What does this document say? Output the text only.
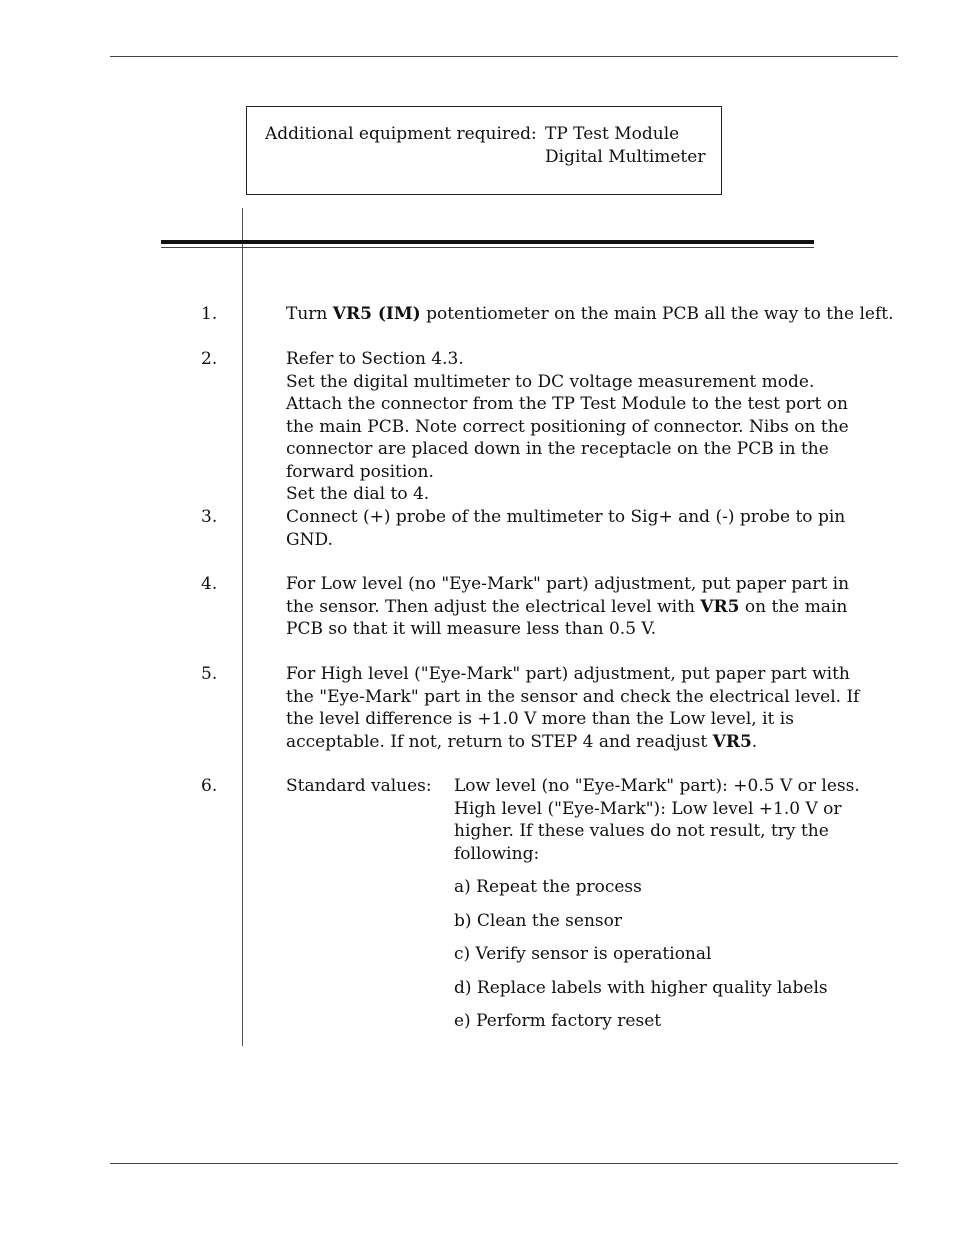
Additional equipment required: TP Test Module
Digital Multimeter
1.	Turn VR5 (IM) potentiometer on the main PCB all the way to the left.
2.	Refer to Section 4.3.

Set the digital multimeter to DC voltage measurement mode.

Attach the connector from the TP Test Module to the test port on the main PCB. Note correct positioning of connector. Nibs on the connector are placed down in the receptacle on the PCB in the forward position.

Set the dial to 4.

3.	Connect (+) probe of the multimeter to Sig+ and (-) probe to pin GND.
4.	For Low level (no "Eye-Mark" part) adjustment, put paper part in the sensor. Then adjust the electrical level with VR5 on the main PCB so that it will measure less than 0.5 V.
5.	For High level ("Eye-Mark" part) adjustment, put paper part with the "Eye-Mark" part in the sensor and check the electrical level. If the level difference is +1.0 V more than the Low level, it is acceptable. If not, return to STEP 4 and readjust VR5.
6.	Standard values: Low level (no "Eye-Mark" part): +0.5 V or less.

High level ("Eye-Mark"): Low level +1.0 V or higher. If these values do not result, try the following:

a) Repeat the process
b) Clean the sensor
c) Verify sensor is operational
d) Replace labels with higher quality labels
e) Perform factory reset
